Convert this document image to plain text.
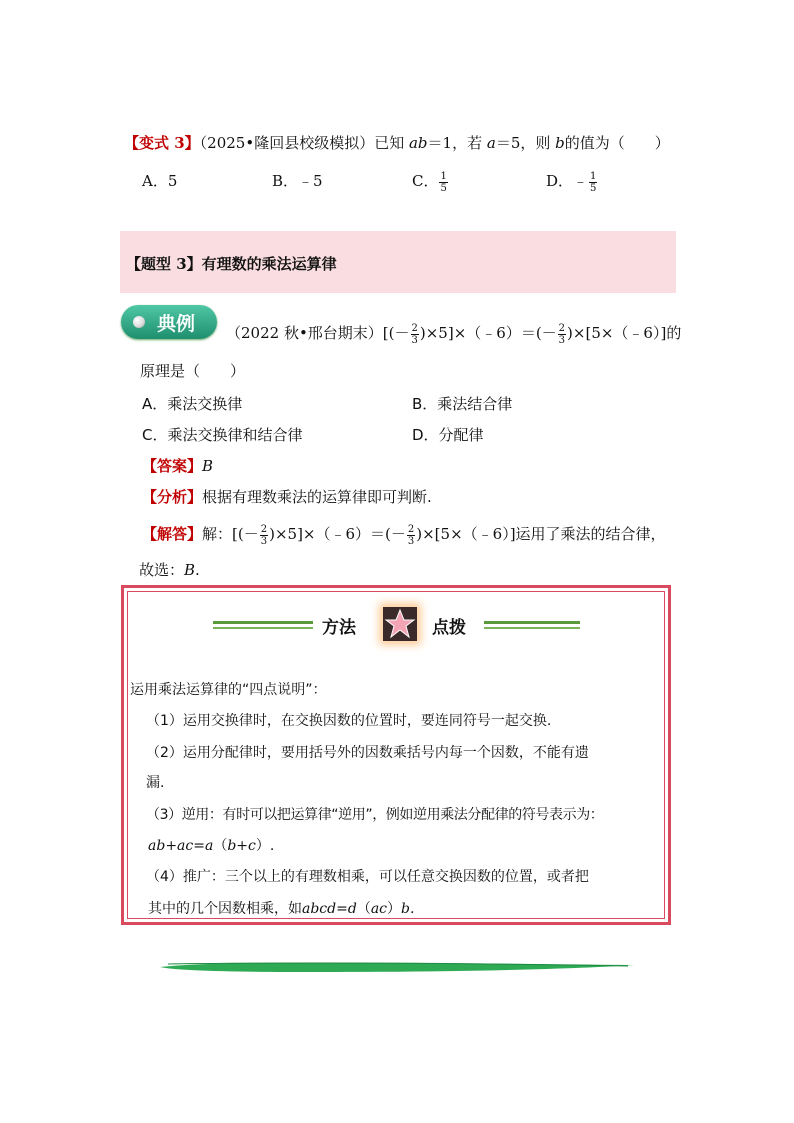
【变式 3】（2025•隆回县校级模拟）已知 ab＝1，若 a＝5，则 b的值为（　　）
A．5	B．﹣5	C． $\frac{1}{5}$	D．﹣ $\frac{1}{5}$
【题型 3】有理数的乘法运算律
典例 （2022 秋•邢台期末）[(－ $\frac{2}{3}$ )×5]×（﹣6）＝(－ $\frac{2}{3}$ )×[5×（﹣6）]的
原理是（　　）
A．乘法交换律	B．乘法结合律
C．乘法交换律和结合律	D．分配律
【答案】B
【分析】根据有理数乘法的运算律即可判断.
【解答】解：[(－ $\frac{2}{3}$ )×5]×（﹣6）＝(－ $\frac{2}{3}$ )×[5×（﹣6）]运用了乘法的结合律，
故选：B.
方法	点拨
运用乘法运算律的“四点说明”：
（1）运用交换律时，在交换因数的位置时，要连同符号一起交换.
（2）运用分配律时，要用括号外的因数乘括号内每一个因数，不能有遗
漏.
（3）逆用：有时可以把运算律“逆用”，例如逆用乘法分配律的符号表示为：
ab+ac=a（b+c）.
（4）推广：三个以上的有理数相乘，可以任意交换因数的位置，或者把
其中的几个因数相乘，如abcd=d（ac）b.
